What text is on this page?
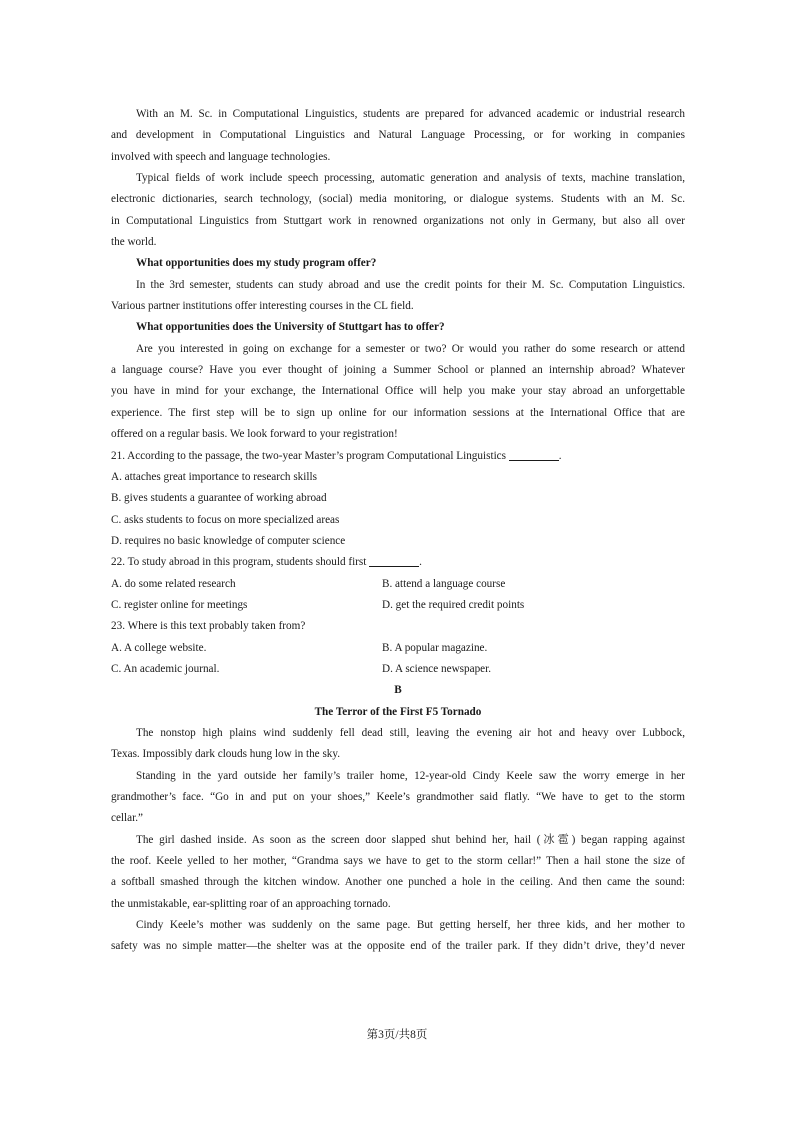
With an M. Sc. in Computational Linguistics, students are prepared for advanced academic or industrial research
and development in Computational Linguistics and Natural Language Processing, or for working in companies
involved with speech and language technologies.
Typical fields of work include speech processing, automatic generation and analysis of texts, machine translation,
electronic dictionaries, search technology, (social) media monitoring, or dialogue systems. Students with an M. Sc.
in Computational Linguistics from Stuttgart work in renowned organizations not only in Germany, but also all over
the world.
What opportunities does my study program offer?
In the 3rd semester, students can study abroad and use the credit points for their M. Sc. Computation Linguistics.
Various partner institutions offer interesting courses in the CL field.
What opportunities does the University of Stuttgart has to offer?
Are you interested in going on exchange for a semester or two? Or would you rather do some research or attend
a language course? Have you ever thought of joining a Summer School or planned an internship abroad? Whatever
you have in mind for your exchange, the International Office will help you make your stay abroad an unforgettable
experience. The first step will be to sign up online for our information sessions at the International Office that are
offered on a regular basis. We look forward to your registration!
21. According to the passage, the two-year Master’s program Computational Linguistics	.
A. attaches great importance to research skills
B. gives students a guarantee of working abroad
C. asks students to focus on more specialized areas
D. requires no basic knowledge of computer science
22. To study abroad in this program, students should first	.
A. do some related research	B. attend a language course
C. register online for meetings	D. get the required credit points
23. Where is this text probably taken from?
A. A college website.	B. A popular magazine.
C. An academic journal.	D. A science newspaper.
B
The Terror of the First F5 Tornado
The nonstop high plains wind suddenly fell dead still, leaving the evening air hot and heavy over Lubbock,
Texas. Impossibly dark clouds hung low in the sky.
Standing in the yard outside her family’s trailer home, 12-year-old Cindy Keele saw the worry emerge in her
grandmother’s face. “Go in and put on your shoes,” Keele’s grandmother said flatly. “We have to get to the storm
cellar.”
The girl dashed inside. As soon as the screen door slapped shut behind her, hail (冰雹) began rapping against
the roof. Keele yelled to her mother, “Grandma says we have to get to the storm cellar!” Then a hail stone the size of
a softball smashed through the kitchen window. Another one punched a hole in the ceiling. And then came the sound:
the unmistakable, ear-splitting roar of an approaching tornado.
Cindy Keele’s mother was suddenly on the same page. But getting herself, her three kids, and her mother to
safety was no simple matter—the shelter was at the opposite end of the trailer park. If they didn’t drive, they’d never
第3页/共8页
